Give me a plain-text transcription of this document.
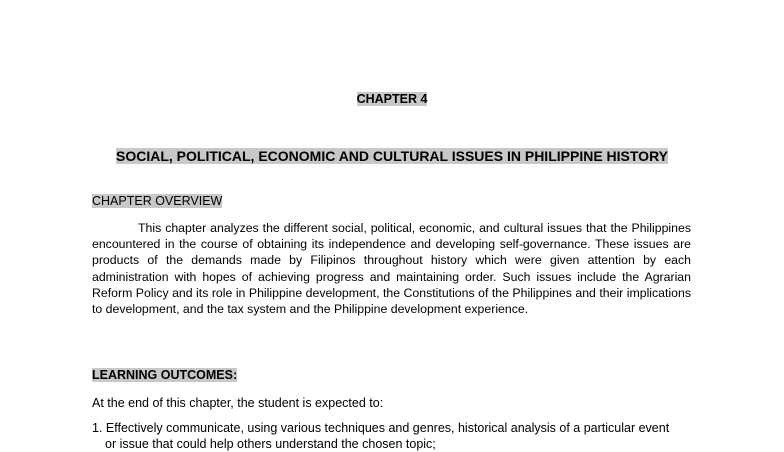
CHAPTER 4
SOCIAL, POLITICAL, ECONOMIC AND CULTURAL ISSUES IN PHILIPPINE HISTORY
CHAPTER OVERVIEW

This chapter analyzes the different social, political, economic, and cultural issues that the Philippines encountered in the course of obtaining its independence and developing self-governance. These issues are products of the demands made by Filipinos throughout history which were given attention by each administration with hopes of achieving progress and maintaining order. Such issues include the Agrarian Reform Policy and its role in Philippine development, the Constitutions of the Philippines and their implications to development, and the tax system and the Philippine development experience.

LEARNING OUTCOMES:
At the end of this chapter, the student is expected to:
1. Effectively communicate, using various techniques and genres, historical analysis of a particular event
or issue that could help others understand the chosen topic;
